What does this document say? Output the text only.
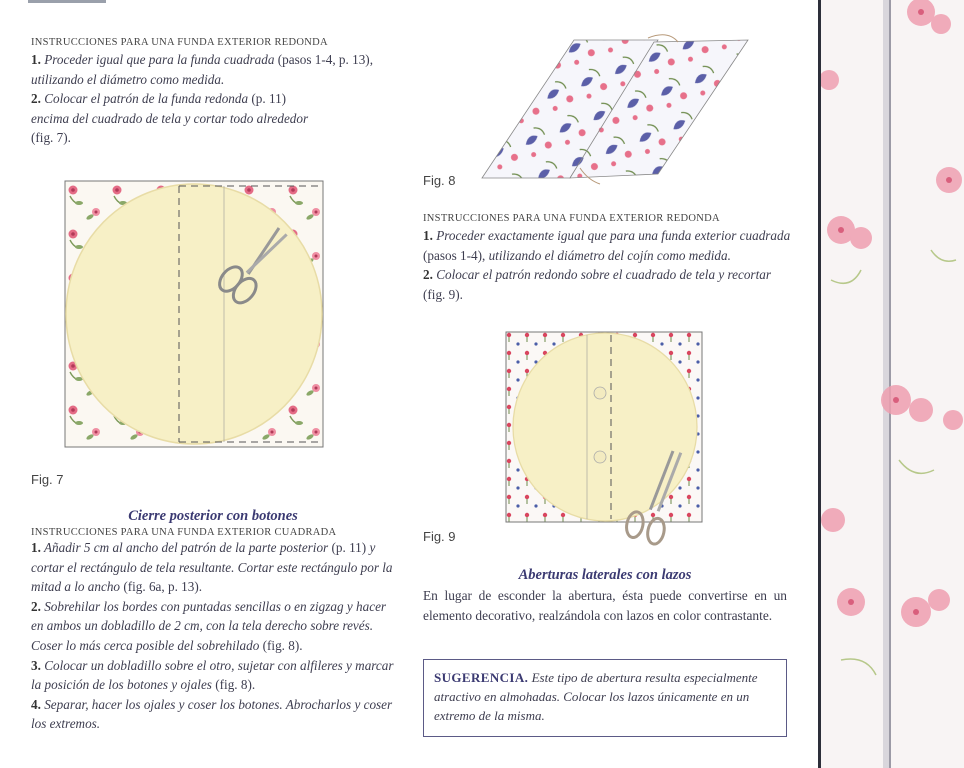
INSTRUCCIONES PARA UNA FUNDA EXTERIOR REDONDA
1. Proceder igual que para la funda cuadrada (pasos 1-4, p. 13), utilizando el diámetro como medida.
2. Colocar el patrón de la funda redonda (p. 11)
encima del cuadrado de tela y cortar todo alrededor
(fig. 7).
Fig. 7
Cierre posterior con botones
INSTRUCCIONES PARA UNA FUNDA EXTERIOR CUADRADA
1. Añadir 5 cm al ancho del patrón de la parte posterior (p. 11) y cortar el rectángulo de tela resultante. Cortar este rectángulo por la mitad a lo ancho (fig. 6a, p. 13).
2. Sobrehilar los bordes con puntadas sencillas o en zigzag y hacer en ambos un dobladillo de 2 cm, con la tela derecho sobre revés. Coser lo más cerca posible del sobrehilado (fig. 8).
3. Colocar un dobladillo sobre el otro, sujetar con alfileres y marcar la posición de los botones y ojales (fig. 8).
4. Separar, hacer los ojales y coser los botones. Abrocharlos y coser los extremos.
Fig. 8
INSTRUCCIONES PARA UNA FUNDA EXTERIOR REDONDA
1. Proceder exactamente igual que para una funda exterior cuadrada (pasos 1-4), utilizando el diámetro del cojín como medida.
2. Colocar el patrón redondo sobre el cuadrado de tela y recortar
(fig. 9).
Fig. 9
Aberturas laterales con lazos
En lugar de esconder la abertura, ésta puede convertirse en un elemento decorativo, realzándola con lazos en color contrastante.
SUGERENCIA. Este tipo de abertura resulta especialmente atractivo en almohadas. Colocar los lazos únicamente en un extremo de la misma.
